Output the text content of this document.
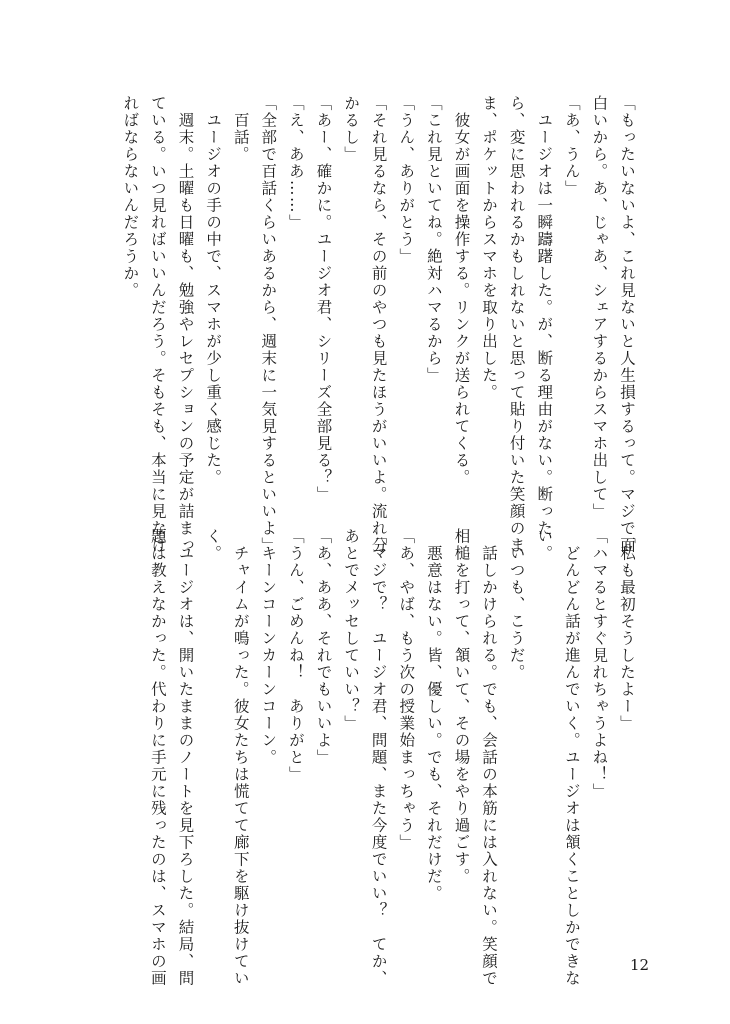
「もったいないよ、これ見ないと人生損するって。マジで面

白いから。あ、じゃあ、シェアするからスマホ出して」

「あ、うん」

　ユージオは一瞬躊躇した。が、断る理由がない。断った

ら、変に思われるかもしれないと思って貼り付いた笑顔のま

ま、ポケットからスマホを取り出した。

　彼女が画面を操作する。リンクが送られてくる。

「これ見といてね。絶対ハマるから」

「うん、ありがとう」

「それ見るなら、その前のやつも見たほうがいいよ。流れ分

かるし」

「あー、確かに。ユージオ君、シリーズ全部見る？」

「え、ああ……」

「全部で百話くらいあるから、週末に一気見するといいよ」

　百話。

　ユージオの手の中で、スマホが少し重く感じた。

　週末。土曜も日曜も、勉強やレセプションの予定が詰まっ

ている。いつ見ればいいんだろう。そもそも、本当に見なけ

ればならないんだろうか。

「私も最初そうしたよー」

「ハマるとすぐ見れちゃうよね！」

　どんどん話が進んでいく。ユージオは頷くことしかできな

い。

　いつも、こうだ。

　話しかけられる。でも、会話の本筋には入れない。笑顔で

相槌を打って、頷いて、その場をやり過ごす。

　悪意はない。皆、優しい。でも、それだけだ。

「あ、やば、もう次の授業始まっちゃう」

「マジで？　ユージオ君、問題、また今度でいい？　てか、

あとでメッセしていい？」

「あ、ああ、それでもいいよ」

「うん、ごめんね！　ありがと」

　キーンコーンカーンコーン。

　チャイムが鳴った。彼女たちは慌てて廊下を駆け抜けてい

く。

　ユージオは、開いたままのノートを見下ろした。結局、問

題は教えなかった。代わりに手元に残ったのは、スマホの画	12
